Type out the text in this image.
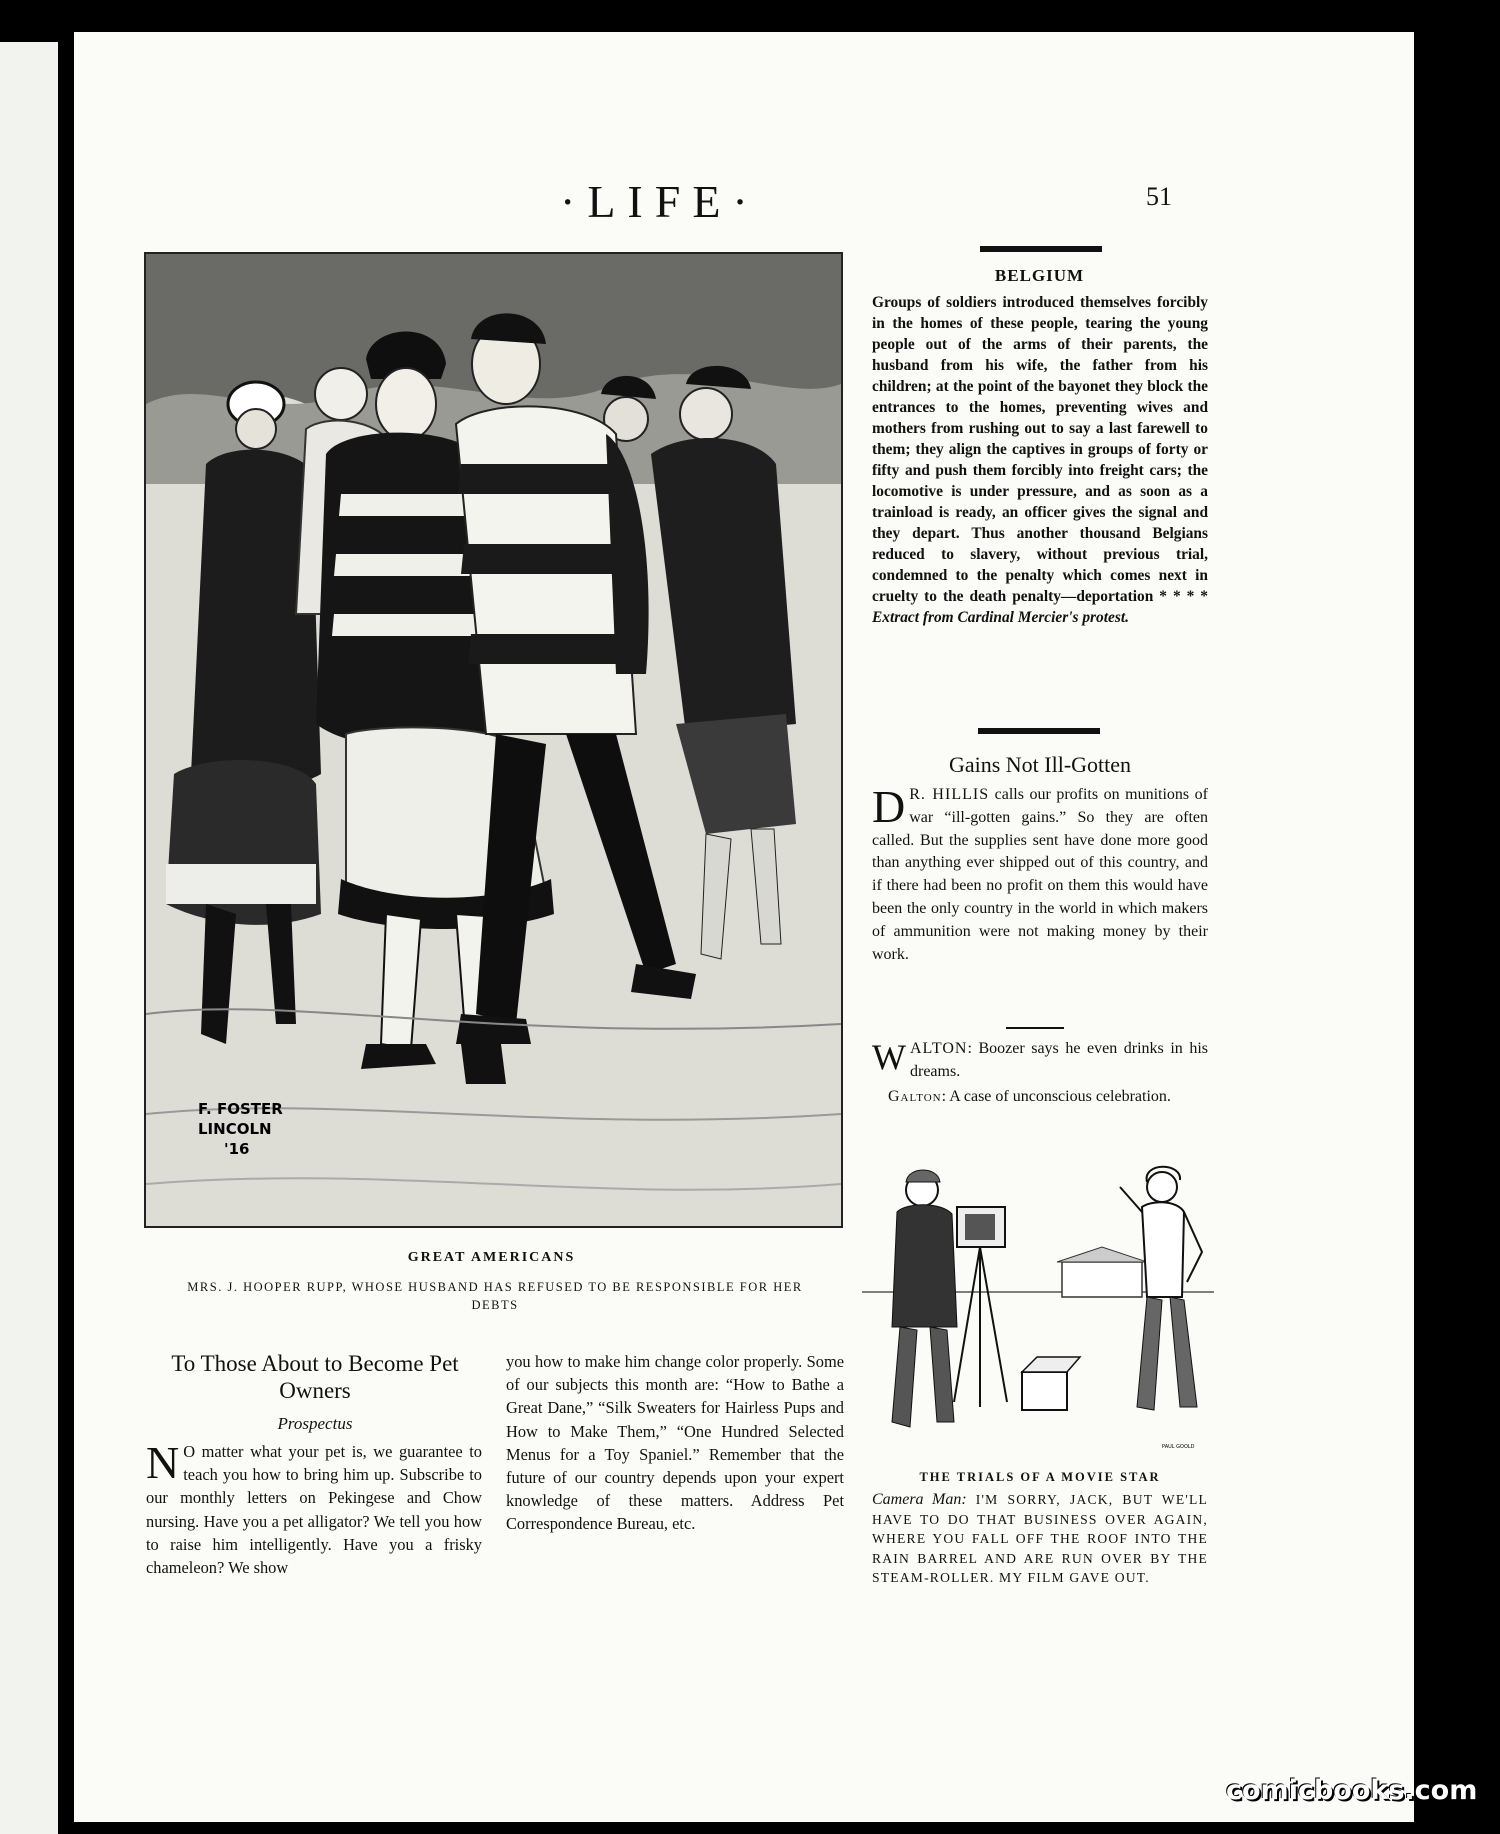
·LIFE·	51
F. FOSTER
LINCOLN
'16
GREAT AMERICANS
MRS. J. HOOPER RUPP, WHOSE HUSBAND HAS REFUSED TO BE RESPONSIBLE FOR HER DEBTS
BELGIUM
Groups of soldiers introduced themselves forcibly in the homes of these people, tearing the young people out of the arms of their parents, the husband from his wife, the father from his children; at the point of the bayonet they block the entrances to the homes, preventing wives and mothers from rushing out to say a last farewell to them; they align the captives in groups of forty or fifty and push them forcibly into freight cars; the locomotive is under pressure, and as soon as a trainload is ready, an officer gives the signal and they depart. Thus another thousand Belgians reduced to slavery, without previous trial, condemned to the penalty which comes next in cruelty to the death penalty—deportation * * * * Extract from Cardinal Mercier's protest.
Gains Not Ill-Gotten
D R. HILLIS calls our profits on munitions of war “ill-gotten gains.” So they are often called. But the supplies sent have done more good than anything ever shipped out of this country, and if there had been no profit on them this would have been the only country in the world in which makers of ammunition were not making money by their work.
WALTON: Boozer says he even drinks in his dreams.
 Galton: A case of unconscious celebration.
PAUL GOOLD
THE TRIALS OF A MOVIE STAR
Camera Man: I'M SORRY, JACK, BUT WE'LL HAVE TO DO THAT BUSINESS OVER AGAIN, WHERE YOU FALL OFF THE ROOF INTO THE RAIN BARREL AND ARE RUN OVER BY THE STEAM-ROLLER. MY FILM GAVE OUT.
To Those About to Become Pet Owners
Prospectus
N O matter what your pet is, we guarantee to teach you how to bring him up. Subscribe to our monthly letters on Pekingese and Chow nursing. Have you a pet alligator? We tell you how to raise him intelligently. Have you a frisky chameleon? We show
you how to make him change color properly. Some of our subjects this month are: “How to Bathe a Great Dane,” “Silk Sweaters for Hairless Pups and How to Make Them,” “One Hundred Selected Menus for a Toy Spaniel.” Remember that the future of our country depends upon your expert knowledge of these matters. Address Pet Correspondence Bureau, etc.
comicbooks.com
